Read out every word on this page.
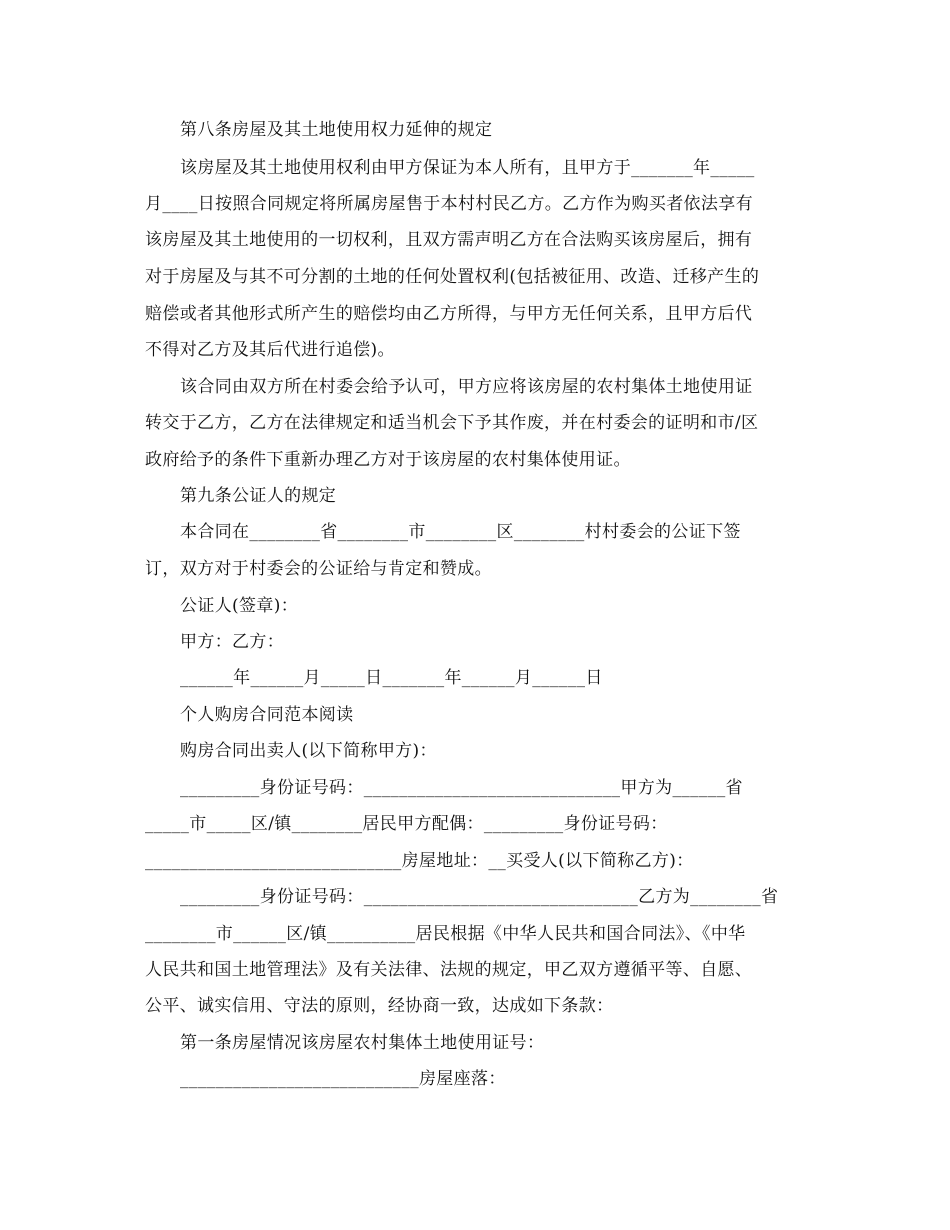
第八条房屋及其土地使用权力延伸的规定
该房屋及其土地使用权利由甲方保证为本人所有，且甲方于_______年_____
月____日按照合同规定将所属房屋售于本村村民乙方。乙方作为购买者依法享有
该房屋及其土地使用的一切权利，且双方需声明乙方在合法购买该房屋后，拥有
对于房屋及与其不可分割的土地的任何处置权利(包括被征用、改造、迁移产生的
赔偿或者其他形式所产生的赔偿均由乙方所得，与甲方无任何关系，且甲方后代
不得对乙方及其后代进行追偿)。
该合同由双方所在村委会给予认可，甲方应将该房屋的农村集体土地使用证
转交于乙方，乙方在法律规定和适当机会下予其作废，并在村委会的证明和市/区
政府给予的条件下重新办理乙方对于该房屋的农村集体使用证。
第九条公证人的规定
本合同在________省________市________区________村村委会的公证下签
订，双方对于村委会的公证给与肯定和赞成。
公证人(签章)：
甲方：乙方：
______年______月_____日_______年______月______日
个人购房合同范本阅读
购房合同出卖人(以下简称甲方)：
_________身份证号码：_____________________________甲方为______省
_____市_____区/镇________居民甲方配偶：_________身份证号码：
_____________________________房屋地址：__买受人(以下简称乙方)：
_________身份证号码：_______________________________乙方为________省
________市______区/镇__________居民根据《中华人民共和国合同法》、《中华
人民共和国土地管理法》及有关法律、法规的规定，甲乙双方遵循平等、自愿、
公平、诚实信用、守法的原则，经协商一致，达成如下条款：
第一条房屋情况该房屋农村集体土地使用证号：
___________________________房屋座落：
